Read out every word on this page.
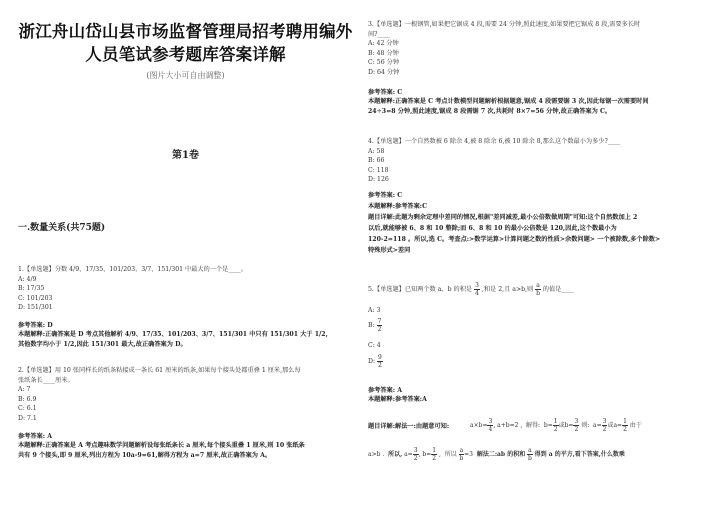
浙江舟山岱山县市场监督管理局招考聘用编外人员笔试参考题库答案详解
(图片大小可自由调整)
第1卷
一.数量关系(共75题)
1.【单选题】分数 4/9、17/35、101/203、3/7、151/301 中最大的一个是____。
A: 4/9
B: 17/35
C: 101/203
D: 151/301
参考答案: D
本题解释:正确答案是 D 考点其他解析 4/9、17/35、101/203、3/7、151/301 中只有 151/301 大于 1/2,
其他数字均小于 1/2,因此 151/301 最大,故正确答案为 D。
2.【单选题】用 10 张同样长的纸条粘接成一条长 61 厘米的纸条,如果每个接头处都重叠 1 厘米,那么每
张纸条长____厘米。
A: 7
B: 6.9
C: 6.1
D: 7.1
参考答案: A
本题解释:正确答案是 A 考点趣味数学问题解析设每张纸条长 a 厘米,每个接头重叠 1 厘米,则 10 张纸条
共有 9 个接头,即 9 厘米,列出方程为 10a-9=61,解得方程为 a=7 厘米,故正确答案为 A。
3.【单选题】一根钢管,如果把它锯成 4 段,需要 24 分钟,照此速度,如果要把它锯成 8 段,需要多长时
间?____
A: 42 分钟
B: 48 分钟
C: 56 分钟
D: 64 分钟
参考答案: C
本题解释:正确答案是 C 考点计数模型问题解析根据题意,锯成 4 段需要锯 3 次,因此每锯一次需要时间
24÷3=8 分钟,照此速度,锯成 8 段需锯 7 次,共耗时 8×7=56 分钟,故正确答案为 C。
4.【单选题】一个自然数被 6 除余 4,被 8 除余 6,被 10 除余 8,那么这个数最小为多少?____
A: 58
B: 66
C: 118
D: 126
参考答案: C
本题解释:参考答案:C
题目详解:此题为剩余定理中差同的情况,根据"差同减差,最小公倍数做周期"可知:这个自然数加上 2
以后,就能够被 6、8 和 10 整除;而 6、8 和 10 的最小公倍数是 120,因此,这个数最小为
120-2=118 。所以,选 C。考查点:>数学运算>计算问题之数的性质>余数问题> 一个被除数,多个除数>
特殊形式>差同
5.【单选题】已知两个数 a、b 的积是 $\frac{3}{4}$ ,和是 2,且 a>b,则 $\frac{a}{b}$ 的值是____
A: 3
B: $\frac{7}{2}$
C: 4
D: $\frac{9}{2}$
参考答案: A
本题解释:参考答案:A
题目详解:解法一:由题意可知:	$a\times b= \frac{3}{4}$ , a+b=2 ,  解得:  $b= \frac{1}{2}$ 或$b= \frac{3}{2}$ 则:  $a= \frac{3}{2}$ 或$a= \frac{1}{2}$ 由于
a>b .  所以, $a= \frac{3}{2}$ , $b= \frac{1}{2}$ ,  所以 $\frac{a}{b} =3$  解法二:ab 的积和 $\frac{a}{b}$ 得到 a 的平方,看下答案,什么数乘
